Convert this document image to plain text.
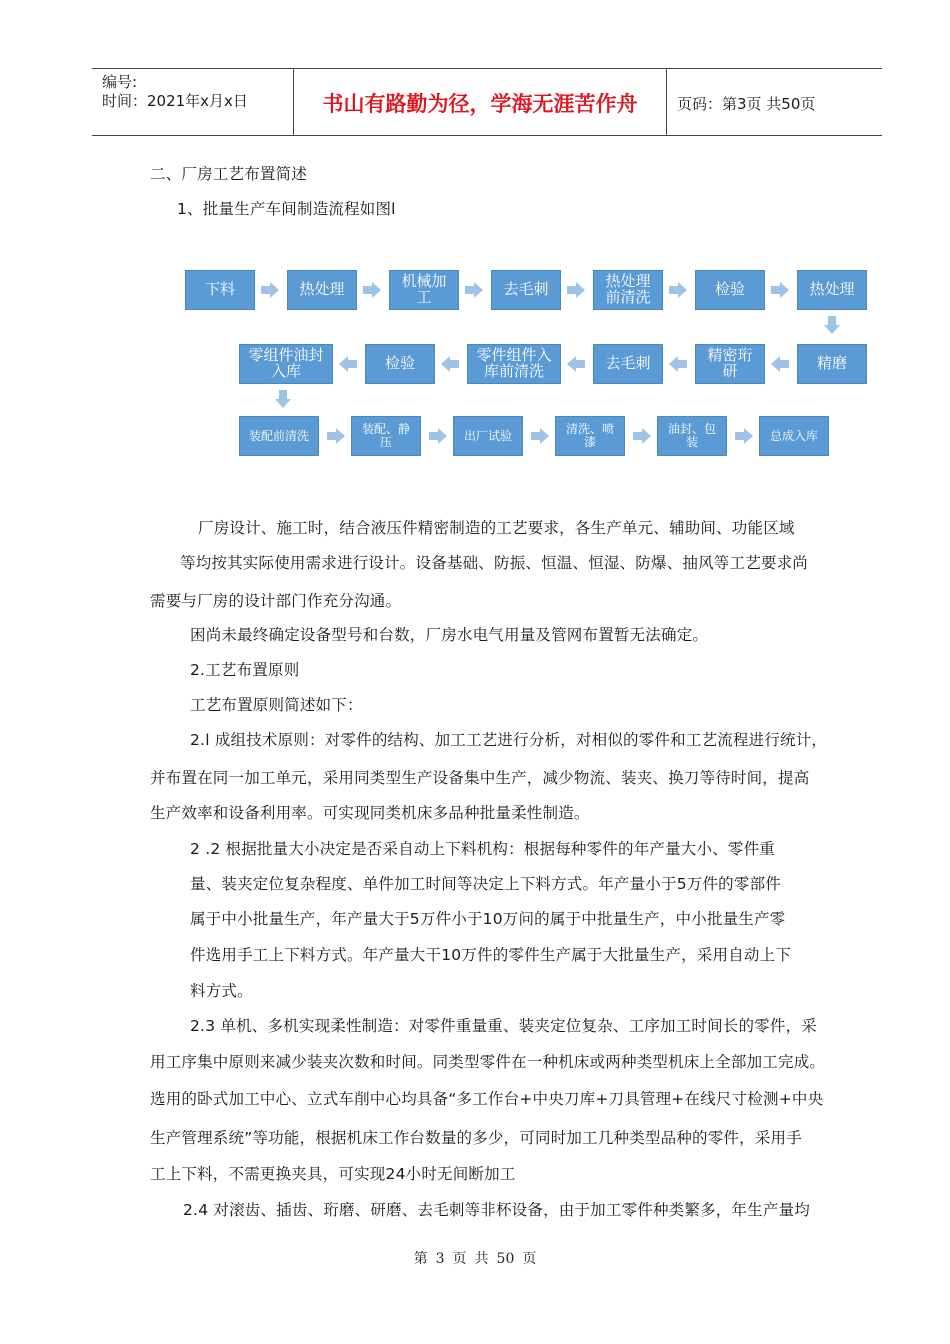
编号:
时间：2021年x月x日	书山有路勤为径，学海无涯苦作舟	页码：第3页 共50页
二、厂房工艺布置简述
1、批量生产车间制造流程如图l
下料	热处理	机械加工	去毛刺	热处理前清洗	检验	热处理
零组件油封入库	检验	零件组件入库前清洗	去毛刺	精密珩研	精磨
装配前清洗	装配、静压	出厂试验	清洗、喷漆
油封、包装	总成入库
厂房设计、施工时，结合液压件精密制造的工艺要求，各生产单元、辅助间、功能区域
等均按其实际使用需求进行设计。设备基础、防振、恒温、恒湿、防爆、抽风等工艺要求尚
需要与厂房的设计部门作充分沟通。
困尚未最终确定设备型号和台数，厂房水电气用量及管网布置暂无法确定。
2.工艺布置原则
工艺布置原则简述如下：
2.l 成组技术原则：对零件的结构、加工工艺进行分析，对相似的零件和工艺流程进行统计，
并布置在同一加工单元，采用同类型生产设备集中生产，减少物流、装夹、换刀等待时间，提高
生产效率和设备利用率。可实现同类机床多品种批量柔性制造。
2 .2 根据批量大小决定是否采自动上下料机构：根据每种零件的年产量大小、零件重
量、装夹定位复杂程度、单件加工时间等决定上下料方式。年产量小于5万件的零部件
属于中小批量生产，年产量大于5万件小于10万问的属于中批量生产，中小批量生产零
件选用手工上下料方式。年产量大干10万件的零件生产属于大批量生产，采用自动上下
料方式。
2.3 单机、多机实现柔性制造：对零件重量重、装夹定位复杂、工序加工时间长的零件，采
用工序集中原则来减少装夹次数和时间。同类型零件在一种机床或两种类型机床上全部加工完成。
选用的卧式加工中心、立式车削中心均具备“多工作台+中央刀库+刀具管理+在线尺寸检测+中央
生产管理系统”等功能，根据机床工作台数量的多少，可同时加工几种类型品种的零件，采用手
工上下料，不需更换夹具，可实现24小时无间断加工
2.4 对滚齿、插齿、珩磨、研磨、去毛刺等非杯设备，由于加工零件种类繁多，年生产量均
第 3 页 共 50 页
